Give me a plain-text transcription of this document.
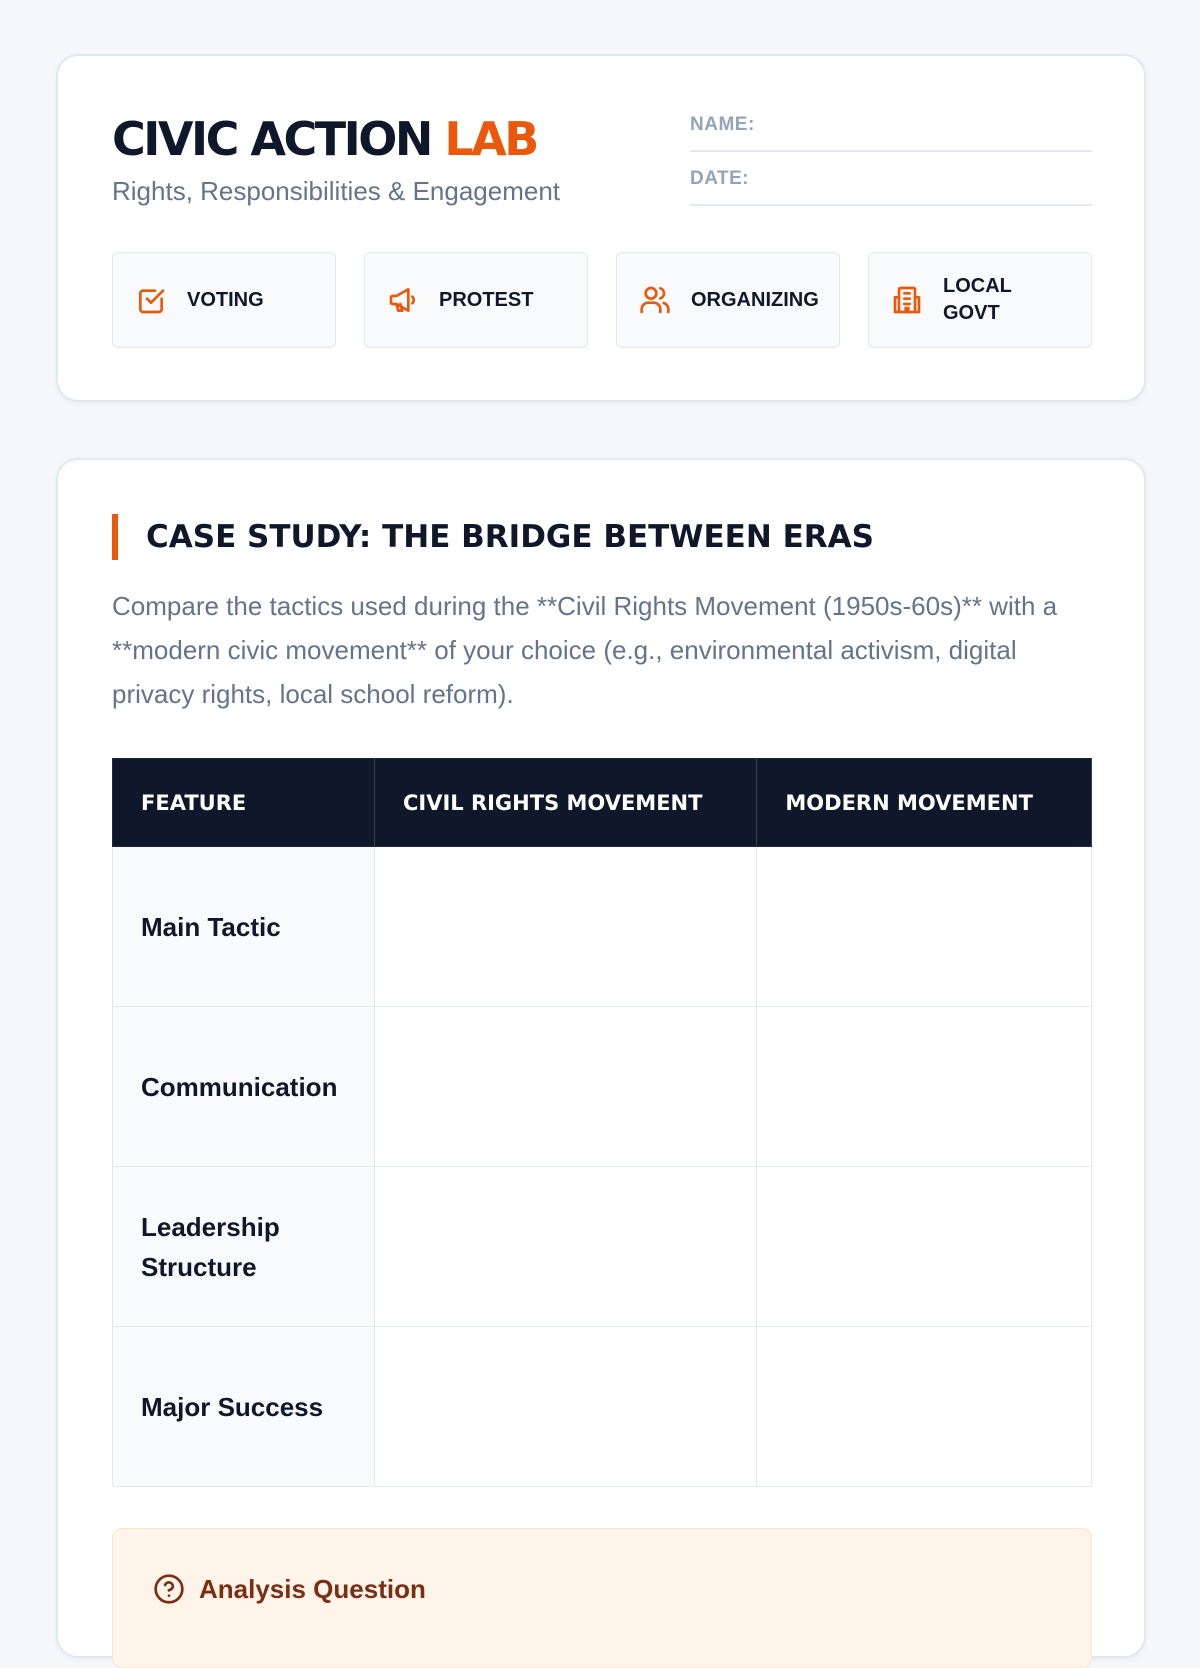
CIVIC ACTION LAB
Rights, Responsibilities & Engagement
NAME:
DATE:
VOTING	PROTEST	ORGANIZING
LOCAL GOVT
CASE STUDY: THE BRIDGE BETWEEN ERAS

Compare the tactics used during the **Civil Rights Movement (1950s-60s)** with a **modern civic movement** of your choice (e.g., environmental activism, digital privacy rights, local school reform).

FEATURE	CIVIL RIGHTS MOVEMENT	MODERN MOVEMENT
Main Tactic		
Communication		
Leadership Structure		
Major Success		
Analysis Question
